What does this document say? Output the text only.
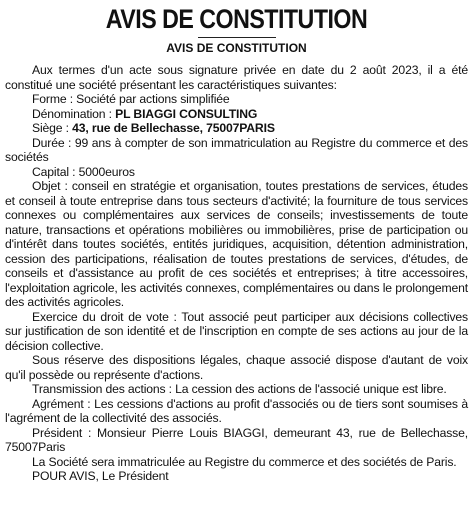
AVIS DE CONSTITUTION
AVIS DE CONSTITUTION

Aux termes d'un acte sous signature privée en date du 2 août 2023, il a été constitué une société présentant les caractéristiques suivantes:

Forme : Société par actions simplifiée

Dénomination : PL BIAGGI CONSULTING

Siège : 43, rue de Bellechasse, 75007PARIS

Durée : 99 ans à compter de son immatriculation au Registre du commerce et des sociétés

Capital : 5000euros

Objet : conseil en stratégie et organisation, toutes prestations de services, études et conseil à toute entreprise dans tous secteurs d'activité; la fourniture de tous services connexes ou complémentaires aux services de conseils; investissements de toute nature, transactions et opérations mobilières ou immobilières, prise de participation ou d'intérêt dans toutes sociétés, entités juridiques, acquisition, détention administration, cession des participations, réalisation de toutes prestations de services, d'études, de conseils et d'assistance au profit de ces sociétés et entreprises; à titre accessoires, l'exploitation agricole, les activités connexes, complémentaires ou dans le prolongement des activités agricoles.

Exercice du droit de vote : Tout associé peut participer aux décisions collectives sur justification de son identité et de l'inscription en compte de ses actions au jour de la décision collective.

Sous réserve des dispositions légales, chaque associé dispose d'autant de voix qu'il possède ou représente d'actions.

Transmission des actions : La cession des actions de l'associé unique est libre.

Agrément : Les cessions d'actions au profit d'associés ou de tiers sont soumises à l'agrément de la collectivité des associés.

Président : Monsieur Pierre Louis BIAGGI, demeurant 43, rue de Bellechasse, 75007Paris

La Société sera immatriculée au Registre du commerce et des sociétés de Paris.

POUR AVIS, Le Président
